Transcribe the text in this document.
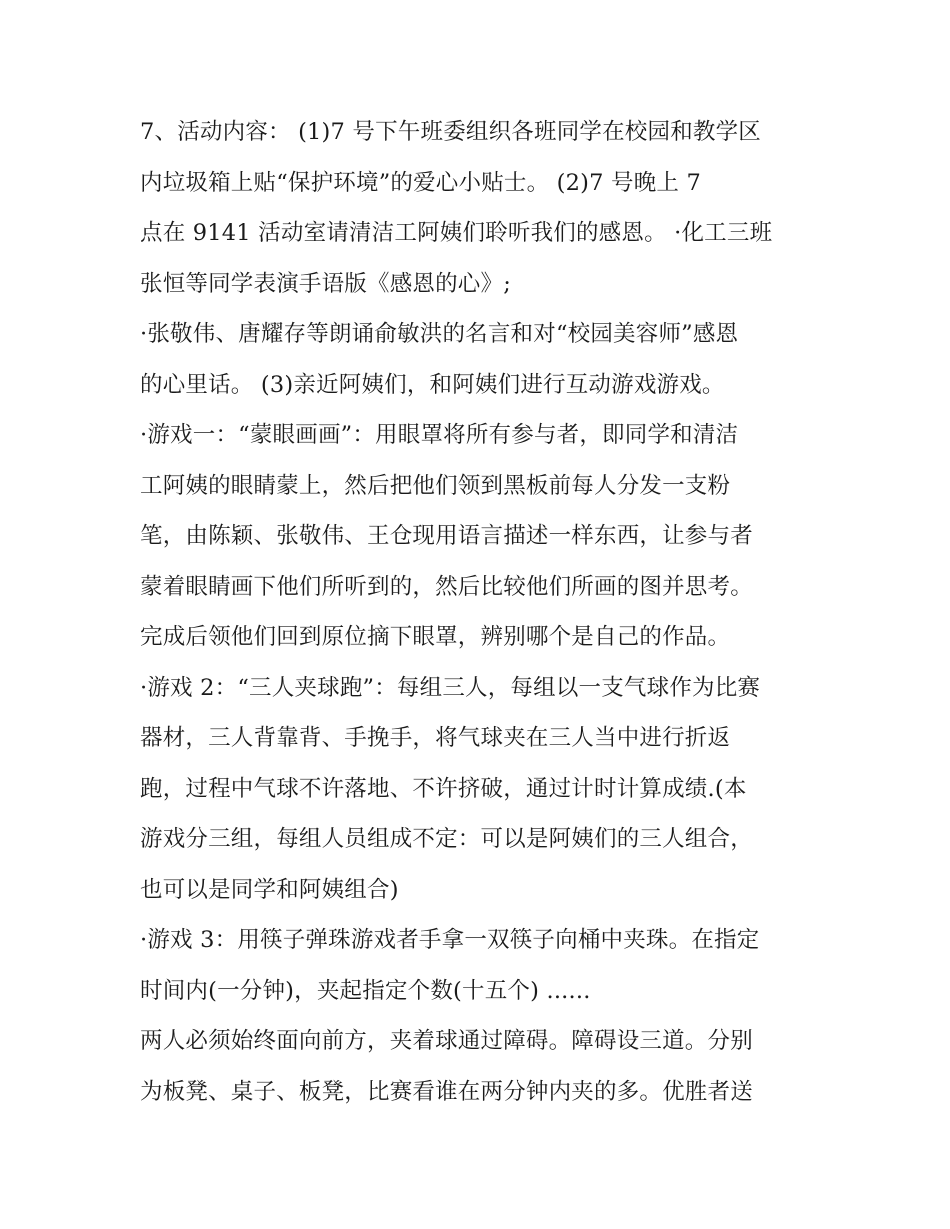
7、活动内容： (1)7 号下午班委组织各班同学在校园和教学区
内垃圾箱上贴“保护环境”的爱心小贴士。 (2)7 号晚上 7
点在 9141 活动室请清洁工阿姨们聆听我们的感恩。 ·化工三班
张恒等同学表演手语版《感恩的心》;
·张敬伟、唐耀存等朗诵俞敏洪的名言和对“校园美容师”感恩
的心里话。 (3)亲近阿姨们，和阿姨们进行互动游戏游戏。
·游戏一：“蒙眼画画”：用眼罩将所有参与者，即同学和清洁
工阿姨的眼睛蒙上，然后把他们领到黑板前每人分发一支粉
笔，由陈颖、张敬伟、王仓现用语言描述一样东西，让参与者
蒙着眼睛画下他们所听到的，然后比较他们所画的图并思考。
完成后领他们回到原位摘下眼罩，辨别哪个是自己的作品。
·游戏 2：“三人夹球跑”：每组三人，每组以一支气球作为比赛
器材，三人背靠背、手挽手，将气球夹在三人当中进行折返
跑，过程中气球不许落地、不许挤破，通过计时计算成绩.(本
游戏分三组，每组人员组成不定：可以是阿姨们的三人组合，
也可以是同学和阿姨组合)
·游戏 3：用筷子弹珠游戏者手拿一双筷子向桶中夹珠。在指定
时间内(一分钟)，夹起指定个数(十五个) ......
两人必须始终面向前方，夹着球通过障碍。障碍设三道。分别
为板凳、桌子、板凳，比赛看谁在两分钟内夹的多。优胜者送
